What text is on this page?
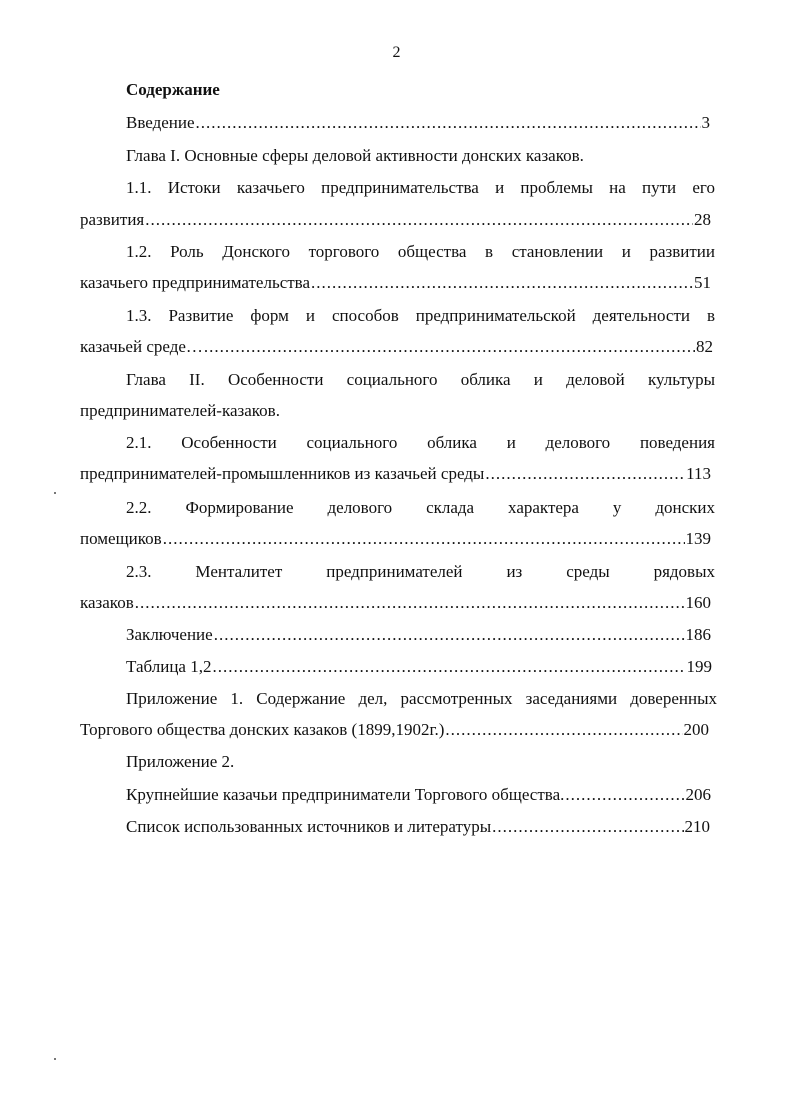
2
Содержание
Введение .....	3
Глава I. Основные сферы деловой активности донских казаков.
1.1. Истоки казачьего предпринимательства и проблемы на пути его
развития .....	28
1.2. Роль Донского торгового общества в становлении и развитии
казачьего предпринимательства .....	51
1.3. Развитие форм и способов предпринимательской деятельности в
казачьей среде… .....	82
Глава II. Особенности социального облика и деловой культуры
предпринимателей-казаков.
2.1. Особенности социального облика и делового поведения
предпринимателей-промышленников из казачьей среды .....	113
2.2. Формирование делового склада характера у донских
помещиков .....	139
2.3. Менталитет предпринимателей из среды рядовых
казаков .....	160
Заключение .....	186
Таблица 1,2 .....	199
Приложение 1. Содержание дел, рассмотренных заседаниями доверенных
Торгового общества донских казаков (1899,1902г.) .....	200
Приложение 2.
Крупнейшие казачьи предприниматели Торгового общества. .....	206
Список использованных источников и литературы .....	210
